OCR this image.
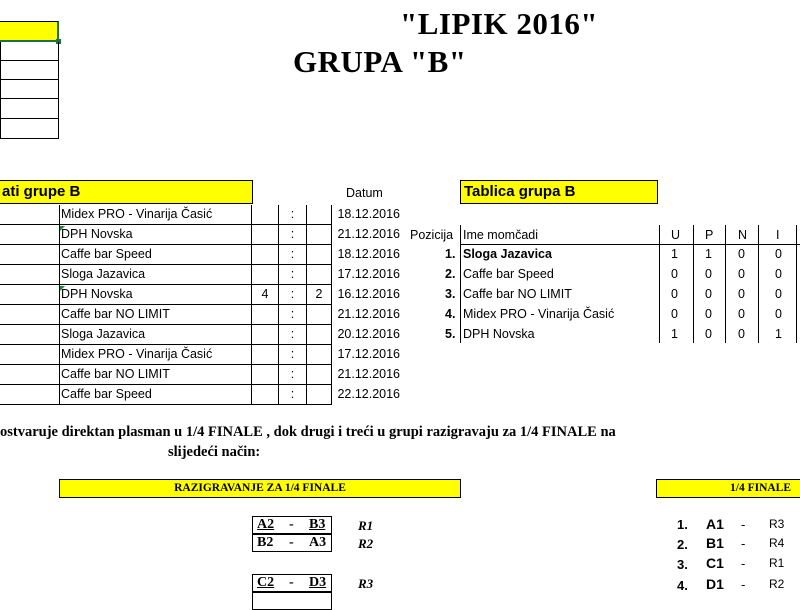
"LIPIK 2016"
GRUPA "B"
ati grupe B	Datum
Midex PRO - Vinarija Časić	:	18.12.2016
DPH Novska	:	21.12.2016
Caffe bar Speed	:	18.12.2016
Sloga Jazavica	:	17.12.2016
DPH Novska	4	:	2	16.12.2016
Caffe bar NO LIMIT	:	21.12.2016
Sloga Jazavica	:	20.12.2016
Midex PRO - Vinarija Časić	:	17.12.2016
Caffe bar NO LIMIT	:	21.12.2016
Caffe bar Speed	:	22.12.2016
Tablica grupa B
Pozicija Ime momčadi	U P N I
1. Sloga Jazavica	1 1 0 0
2. Caffe bar Speed	0 0 0 0
3. Caffe bar NO LIMIT	0 0 0 0
4. Midex PRO - Vinarija Časić	0 0 0 0
5. DPH Novska	1 0 0 1
ostvaruje direktan plasman u 1/4 FINALE , dok drugi i treći u grupi razigravaju za 1/4 FINALE na
slijedeći način:
RAZIGRAVANJE ZA 1/4 FINALE
A2 - B3	R1
B2 - A3 R2
C2 - D3 R3
1/4 FINALE
1. A1 - R3
2. B1 - R4
3. C1 - R1
4. D1 - R2
